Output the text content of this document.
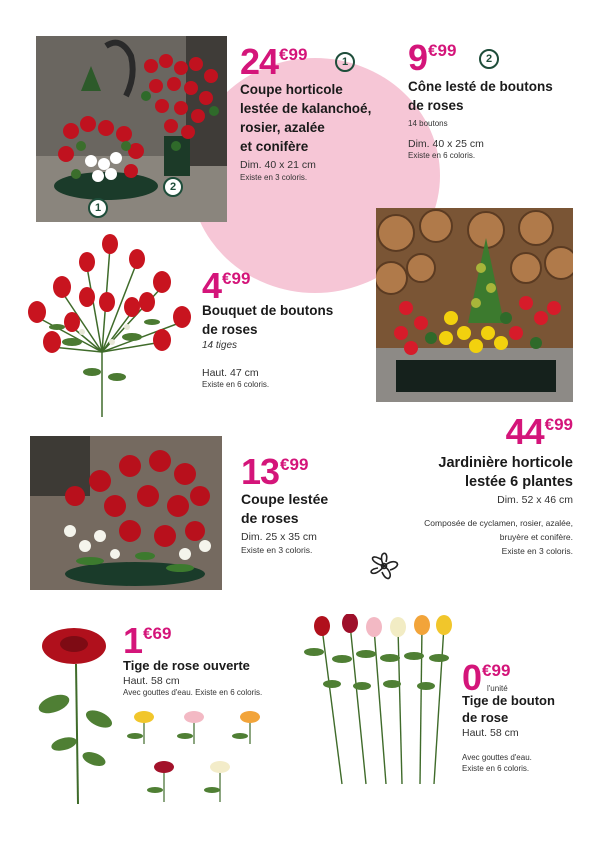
1
2
24€99	1
Coupe horticole
lestée de kalanchoé,
rosier, azalée
et conifère
Dim. 40 x 21 cm
Existe en 3 coloris.
9€99	2
Cône lesté de boutons
de roses
14 boutons
Dim. 40 x 25 cm
Existe en 6 coloris.
4€99
Bouquet de boutons
de roses
14 tiges
Haut. 47 cm
Existe en 6 coloris.
44€99
Jardinière horticole
lestée 6 plantes
Dim. 52 x 46 cm
Composée de cyclamen, rosier, azalée,
bruyère et conifère.
Existe en 3 coloris.
13€99
Coupe lestée
de roses
Dim. 25 x 35 cm
Existe en 3 coloris.
1€69
Tige de rose ouverte
Haut. 58 cm
Avec gouttes d'eau. Existe en 6 coloris.	0€99
l'unité
Tige de bouton
de rose
Haut. 58 cm
Avec gouttes d'eau.
Existe en 6 coloris.
